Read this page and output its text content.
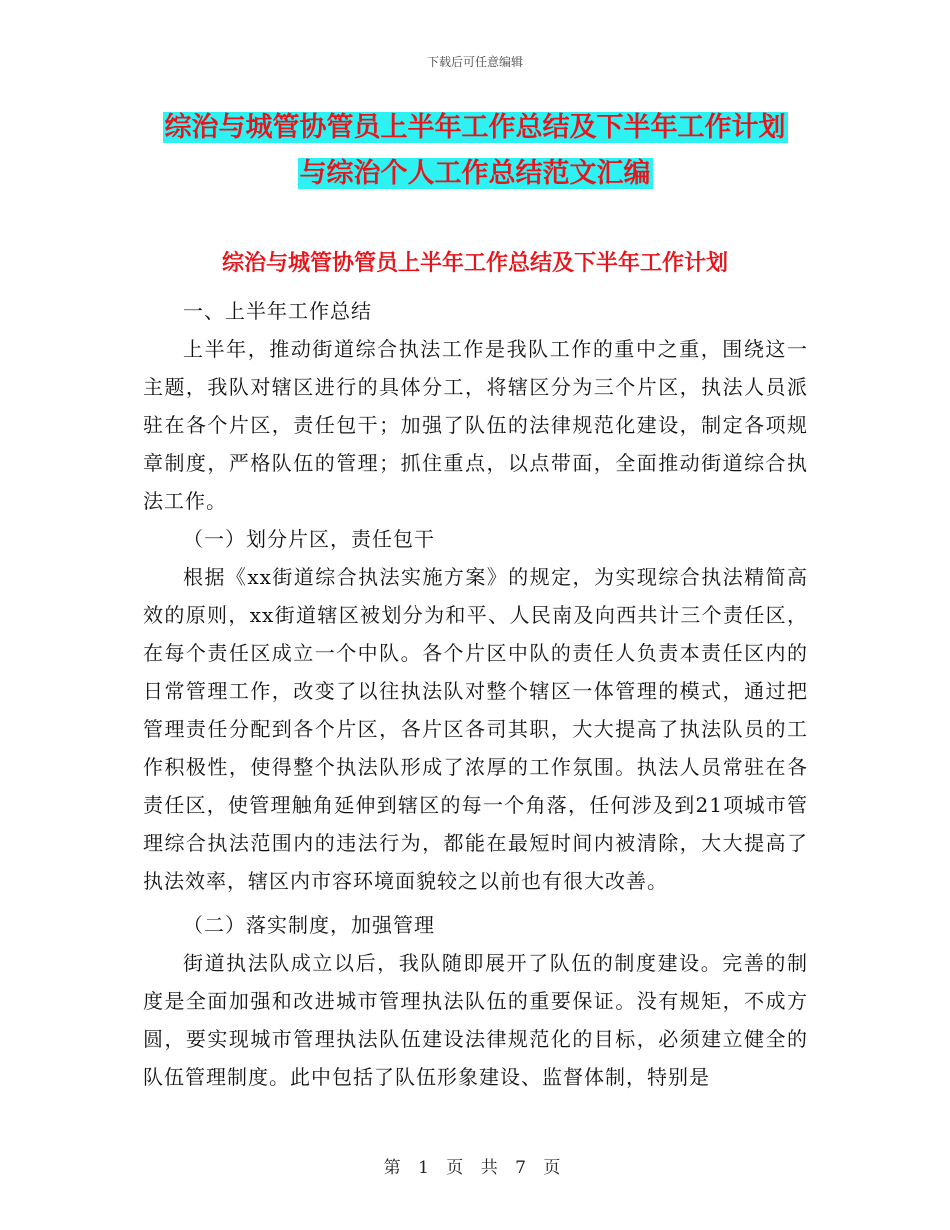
下载后可任意编辑
综治与城管协管员上半年工作总结及下半年工作计划
与综治个人工作总结范文汇编
综治与城管协管员上半年工作总结及下半年工作计划

一、上半年工作总结

上半年，推动街道综合执法工作是我队工作的重中之重，围绕这一主题，我队对辖区进行的具体分工，将辖区分为三个片区，执法人员派驻在各个片区，责任包干；加强了队伍的法律规范化建设，制定各项规章制度，严格队伍的管理；抓住重点，以点带面，全面推动街道综合执法工作。

（一）划分片区，责任包干

根据《xx街道综合执法实施方案》的规定，为实现综合执法精简高效的原则，xx街道辖区被划分为和平、人民南及向西共计三个责任区，在每个责任区成立一个中队。各个片区中队的责任人负责本责任区内的日常管理工作，改变了以往执法队对整个辖区一体管理的模式，通过把管理责任分配到各个片区，各片区各司其职，大大提高了执法队员的工作积极性，使得整个执法队形成了浓厚的工作氛围。执法人员常驻在各责任区，使管理触角延伸到辖区的每一个角落，任何涉及到21项城市管理综合执法范围内的违法行为，都能在最短时间内被清除，大大提高了执法效率，辖区内市容环境面貌较之以前也有很大改善。

（二）落实制度，加强管理

街道执法队成立以后，我队随即展开了队伍的制度建设。完善的制度是全面加强和改进城市管理执法队伍的重要保证。没有规矩，不成方圆，要实现城市管理执法队伍建设法律规范化的目标，必须建立健全的队伍管理制度。此中包括了队伍形象建设、监督体制，特别是

第 1 页 共 7 页
